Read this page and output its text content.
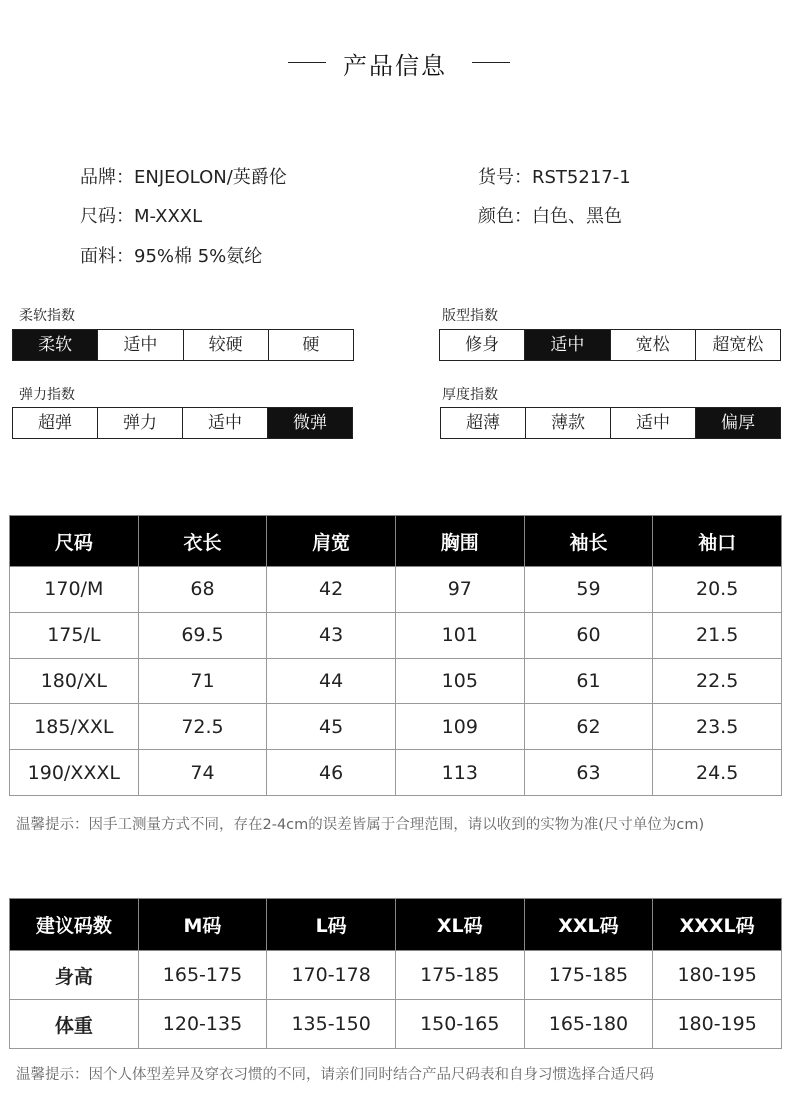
产品信息
品牌：ENJEOLON/英爵伦	货号：RST5217-1
尺码：M-XXXL	颜色：白色、黑色
面料：95%棉 5%氨纶
柔软指数
柔软	适中	较硬	硬
版型指数
修身	适中	宽松	超宽松
弹力指数
超弹	弹力	适中	微弹
厚度指数
超薄	薄款	适中	偏厚
尺码	衣长	肩宽	胸围	袖长	袖口
170/M	68	42	97	59	20.5
175/L	69.5	43	101	60	21.5
180/XL	71	44	105	61	22.5
185/XXL	72.5	45	109	62	23.5
190/XXXL	74	46	113	63	24.5
温馨提示：因手工测量方式不同，存在2-4cm的误差皆属于合理范围，请以收到的实物为准(尺寸单位为cm)
建议码数	M码	L码	XL码	XXL码	XXXL码
身高	165-175	170-178	175-185	175-185	180-195
体重	120-135	135-150	150-165	165-180	180-195
温馨提示：因个人体型差异及穿衣习惯的不同，请亲们同时结合产品尺码表和自身习惯选择合适尺码
